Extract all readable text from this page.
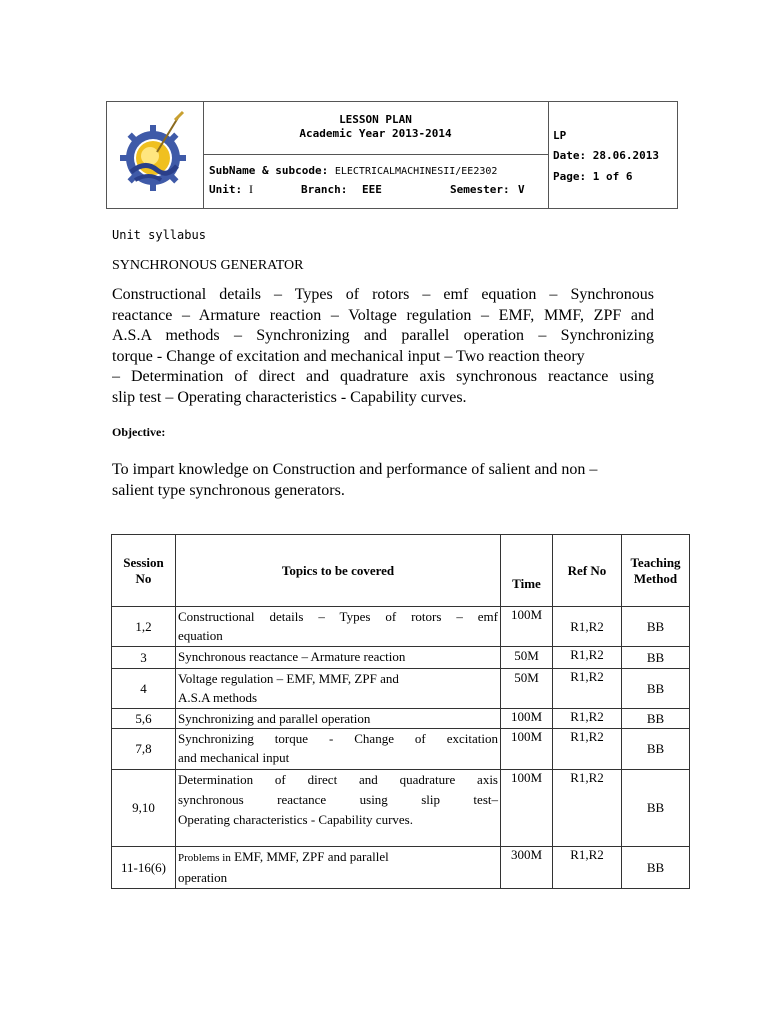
LESSON PLAN
Academic Year 2013-2014
SubName & subcode: ELECTRICALMACHINESII/EE2302
Unit: I	Branch: EEE	Semester: V
LP
Date: 28.06.2013
Page: 1 of 6
Unit syllabus
SYNCHRONOUS GENERATOR
Constructional details – Types of rotors – emf equation – Synchronous
reactance – Armature reaction – Voltage regulation – EMF, MMF, ZPF and
A.S.A methods – Synchronizing and parallel operation – Synchronizing
torque - Change of excitation and mechanical input – Two reaction theory
– Determination of direct and quadrature axis synchronous reactance using
slip test – Operating characteristics - Capability curves.
Objective:
To impart knowledge on Construction and performance of salient and non –
salient type synchronous generators.
Session No	Topics to be covered	Time	Ref No	Teaching Method
1,2	Constructional details – Types of rotors – emf
equation	100M	R1,R2	BB
3	Synchronous reactance – Armature reaction	50M	R1,R2	BB
4	Voltage regulation – EMF, MMF, ZPF and
A.S.A methods	50M	R1,R2	BB
5,6	Synchronizing and parallel operation	100M	R1,R2	BB
7,8	Synchronizing torque - Change of excitation
and mechanical input	100M	R1,R2	BB
9,10	Determination of direct and quadrature axis
synchronous reactance using slip test–
Operating characteristics - Capability curves.	100M	R1,R2	BB
11-16(6)	Problems in EMF, MMF, ZPF and parallel
operation	300M	R1,R2	BB
